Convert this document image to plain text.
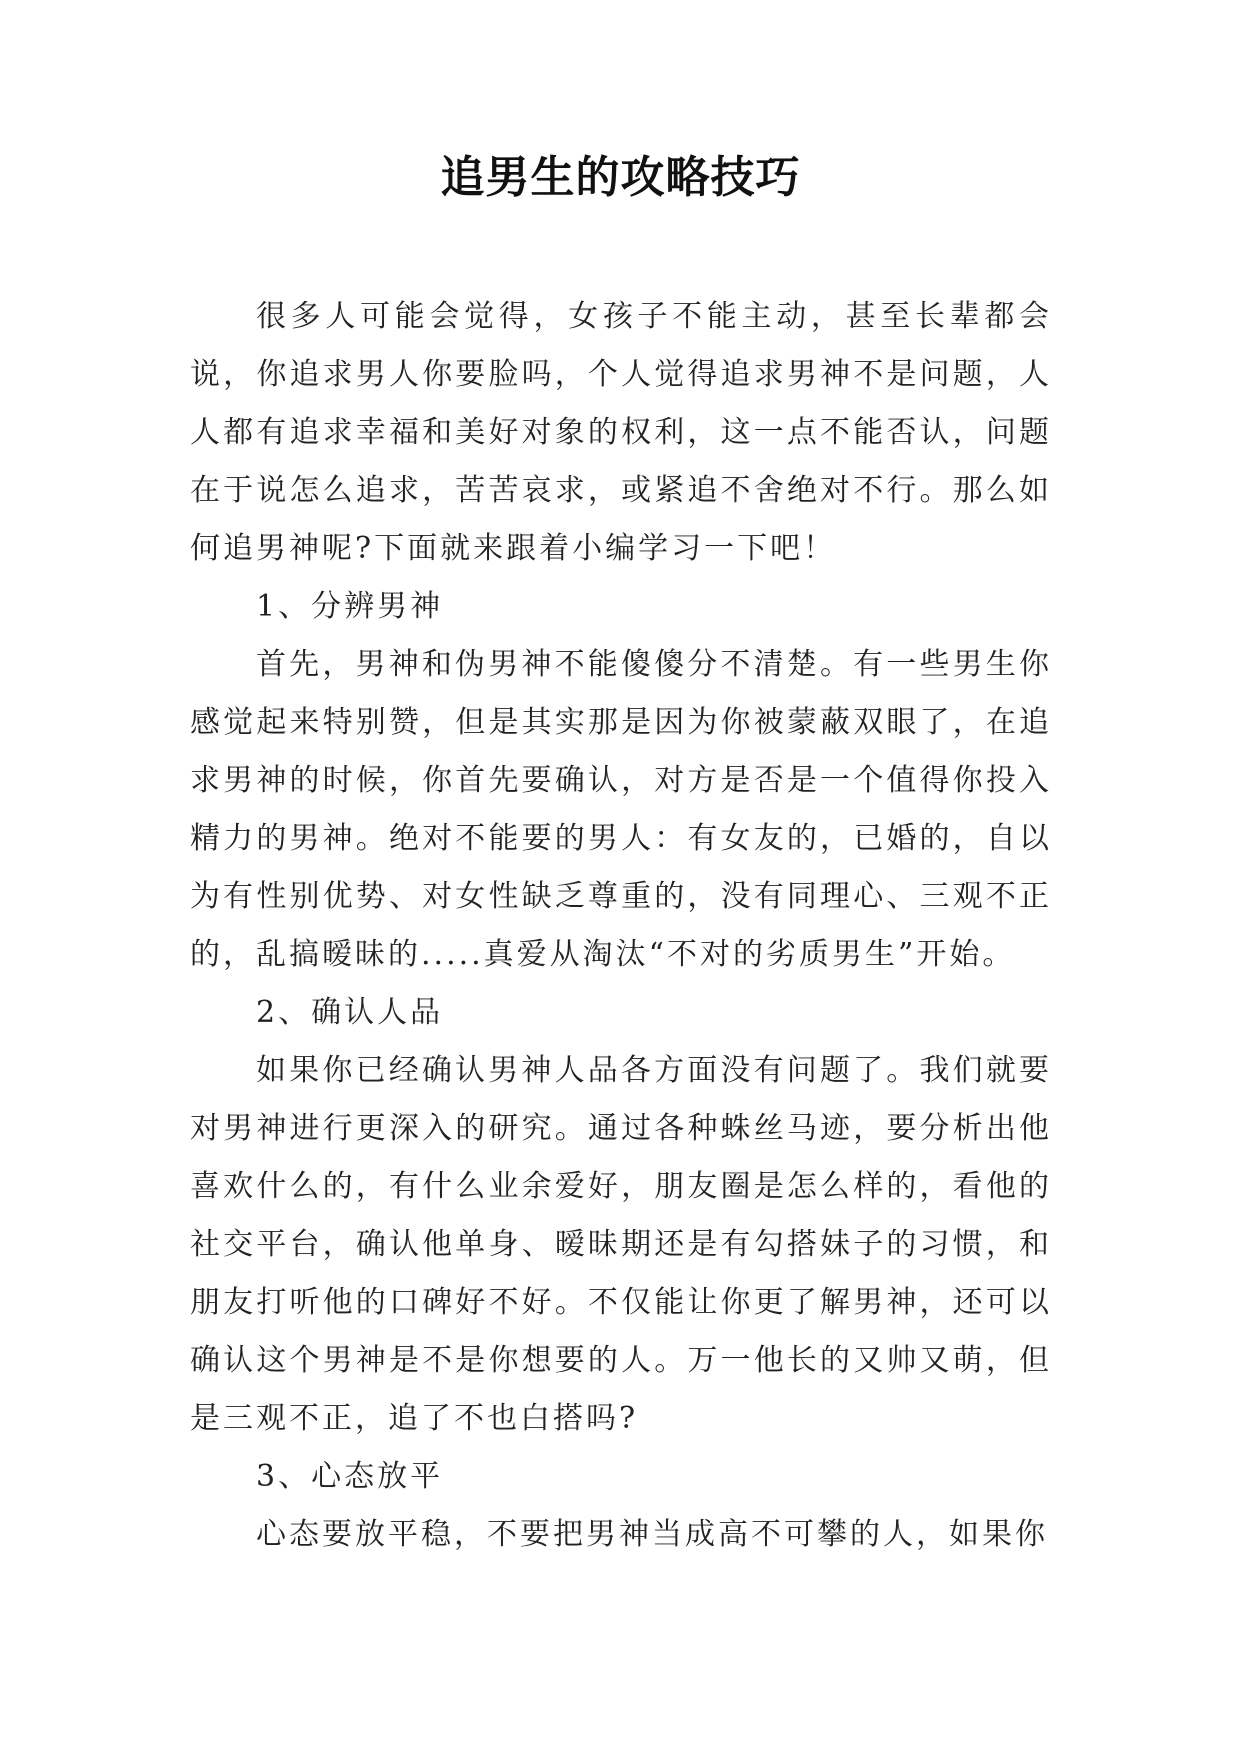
追男生的攻略技巧

很多人可能会觉得，女孩子不能主动，甚至长辈都会说，你追求男人你要脸吗，个人觉得追求男神不是问题，人人都有追求幸福和美好对象的权利，这一点不能否认，问题在于说怎么追求，苦苦哀求，或紧追不舍绝对不行。那么如何追男神呢?下面就来跟着小编学习一下吧！

1、分辨男神

首先，男神和伪男神不能傻傻分不清楚。有一些男生你感觉起来特别赞，但是其实那是因为你被蒙蔽双眼了，在追求男神的时候，你首先要确认，对方是否是一个值得你投入精力的男神。绝对不能要的男人：有女友的，已婚的，自以为有性别优势、对女性缺乏尊重的，没有同理心、三观不正的，乱搞暧昧的.....真爱从淘汰“不对的劣质男生”开始。

2、确认人品

如果你已经确认男神人品各方面没有问题了。我们就要对男神进行更深入的研究。通过各种蛛丝马迹，要分析出他喜欢什么的，有什么业余爱好，朋友圈是怎么样的，看他的社交平台，确认他单身、暧昧期还是有勾搭妹子的习惯，和朋友打听他的口碑好不好。不仅能让你更了解男神，还可以确认这个男神是不是你想要的人。万一他长的又帅又萌，但是三观不正，追了不也白搭吗?

3、心态放平

心态要放平稳，不要把男神当成高不可攀的人，如果你
